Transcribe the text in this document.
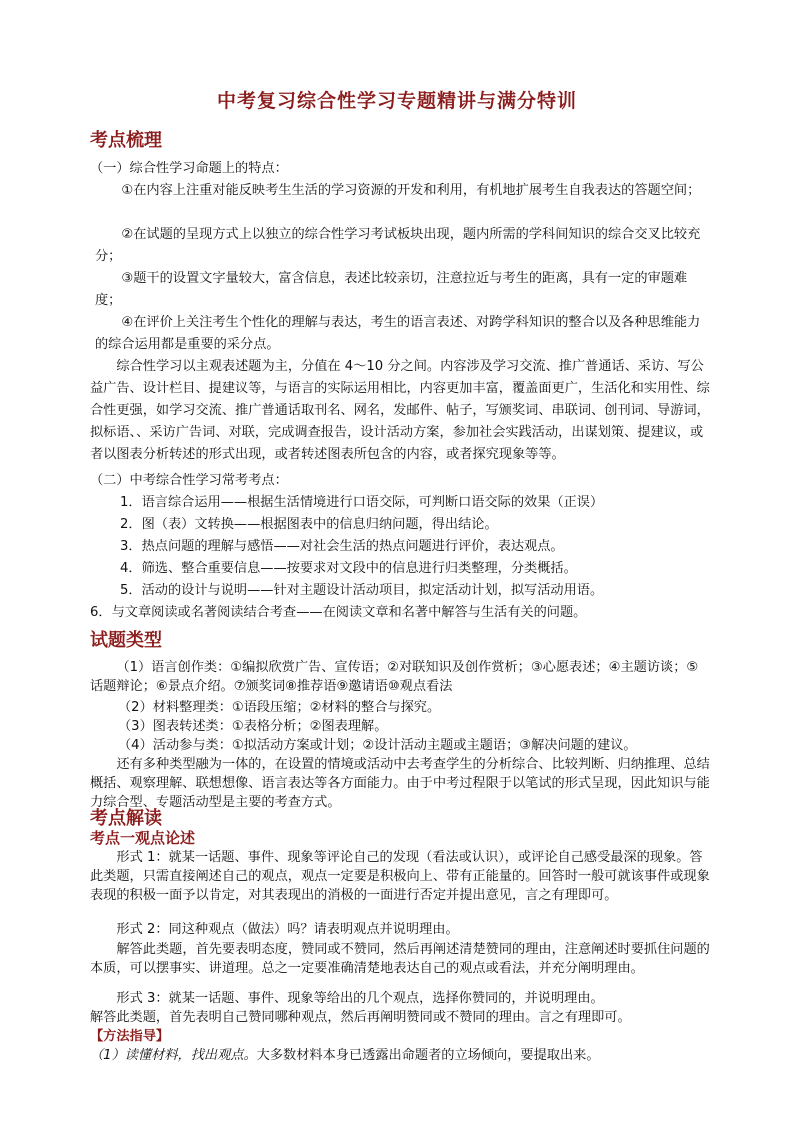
中考复习综合性学习专题精讲与满分特训
考点梳理

（一）综合性学习命题上的特点：

①在内容上注重对能反映考生生活的学习资源的开发和利用，有机地扩展考生自我表达的答题空间；

②在试题的呈现方式上以独立的综合性学习考试板块出现，题内所需的学科间知识的综合交叉比较充分；

③题干的设置文字量较大，富含信息，表述比较亲切，注意拉近与考生的距离，具有一定的审题难度；

④在评价上关注考生个性化的理解与表达，考生的语言表述、对跨学科知识的整合以及各种思维能力的综合运用都是重要的采分点。

综合性学习以主观表述题为主，分值在 4～10 分之间。内容涉及学习交流、推广普通话、采访、写公益广告、设计栏目、提建议等，与语言的实际运用相比，内容更加丰富，覆盖面更广，生活化和实用性、综合性更强，如学习交流、推广普通话取刊名、网名，发邮件、帖子，写颁奖词、串联词、创刊词、导游词，拟标语、、采访广告词、对联，完成调查报告，设计活动方案，参加社会实践活动，出谋划策、提建议，或者以图表分析转述的形式出现，或者转述图表所包含的内容，或者探究现象等等。

（二）中考综合性学习常考考点：

1．语言综合运用——根据生活情境进行口语交际，可判断口语交际的效果（正误）

2．图（表）文转换——根据图表中的信息归纳问题，得出结论。

3．热点问题的理解与感悟——对社会生活的热点问题进行评价，表达观点。

4．筛选、整合重要信息——按要求对文段中的信息进行归类整理，分类概括。

5．活动的设计与说明——针对主题设计活动项目，拟定活动计划，拟写活动用语。

6．与文章阅读或名著阅读结合考查——在阅读文章和名著中解答与生活有关的问题。

试题类型

（1）语言创作类：①编拟欣赏广告、宣传语；②对联知识及创作赏析；③心愿表述；④主题访谈；⑤话题辩论；⑥景点介绍。⑦颁奖词⑧推荐语⑨邀请语⑩观点看法

（2）材料整理类：①语段压缩；②材料的整合与探究。

（3）图表转述类：①表格分析；②图表理解。

（4）活动参与类：①拟活动方案或计划；②设计活动主题或主题语；③解决问题的建议。

还有多种类型融为一体的，在设置的情境或活动中去考查学生的分析综合、比较判断、归纳推理、总结概括、观察理解、联想想像、语言表达等各方面能力。由于中考过程限于以笔试的形式呈现，因此知识与能力综合型、专题活动型是主要的考查方式。

考点解读
考点一观点论述

形式 1：就某一话题、事件、现象等评论自己的发现（看法或认识），或评论自己感受最深的现象。答此类题，只需直接阐述自己的观点，观点一定要是积极向上、带有正能量的。回答时一般可就该事件或现象表现的积极一面予以肯定，对其表现出的消极的一面进行否定并提出意见，言之有理即可。

形式 2：同这种观点（做法）吗？请表明观点并说明理由。

解答此类题，首先要表明态度，赞同或不赞同，然后再阐述清楚赞同的理由，注意阐述时要抓住问题的本质，可以摆事实、讲道理。总之一定要准确清楚地表达自己的观点或看法，并充分阐明理由。

形式 3：就某一话题、事件、现象等给出的几个观点，选择你赞同的，并说明理由。

解答此类题，首先表明自己赞同哪种观点，然后再阐明赞同或不赞同的理由。言之有理即可。

【方法指导】

（1）读懂材料，找出观点。大多数材料本身已透露出命题者的立场倾向，要提取出来。
